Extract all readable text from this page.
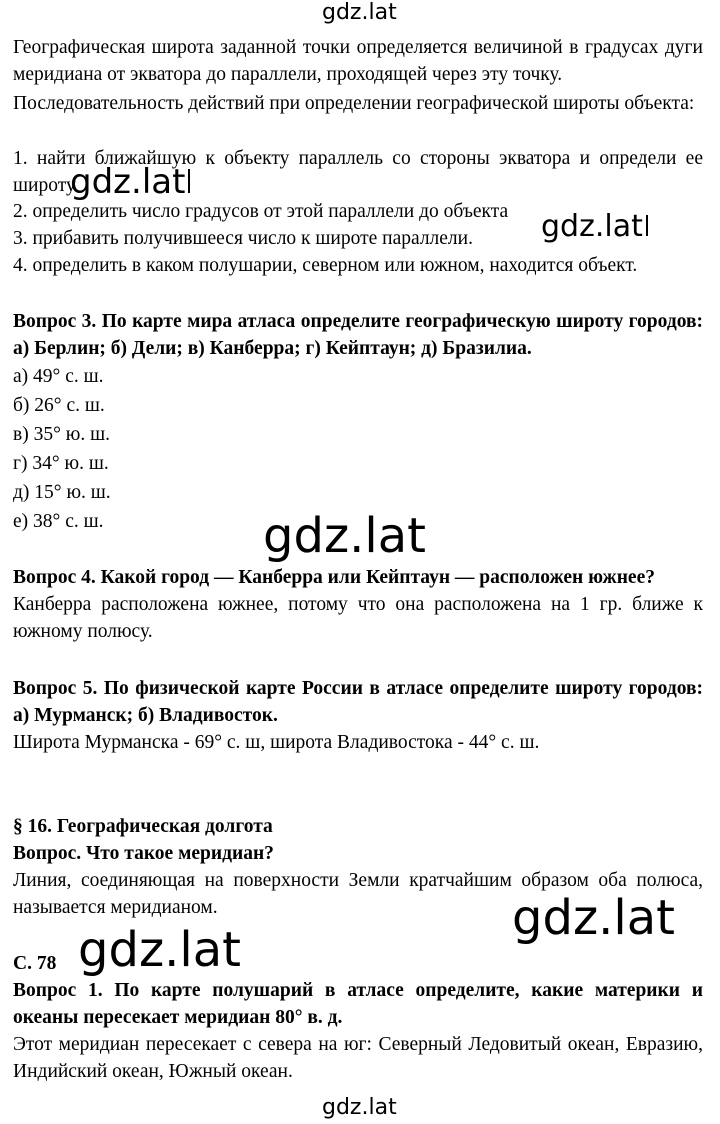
gdz.lat

Географическая широта заданной точки определяется величиной в градусах дуги меридиана от экватора до параллели, проходящей через эту точку.

Последовательность действий при определении географической широты объекта:

1. найти ближайшую к объекту параллель со стороны экватора и определи ее широту

2. определить число градусов от этой параллели до объекта

3. прибавить получившееся число к широте параллели.

4. определить в каком полушарии, северном или южном, находится объект.

gdz.lat
gdz.lat

Вопрос 3. По карте мира атласа определите географическую широту городов: а) Берлин; б) Дели; в) Канберра; г) Кейптаун; д) Бразилиа.

а) 49° с. ш.
б) 26° с. ш.
в) 35° ю. ш.
г) 34° ю. ш.
д) 15° ю. ш.
е) 38° с. ш.	gdz.lat

Вопрос 4. Какой город — Канберра или Кейптаун — расположен южнее?

Канберра расположена южнее, потому что она расположена на 1 гр. ближе к южному полюсу.

Вопрос 5. По физической карте России в атласе определите широту городов: а) Мурманск; б) Владивосток.

Широта Мурманска - 69° с. ш, широта Владивостока - 44° с. ш.

§ 16. Географическая долгота

Вопрос. Что такое меридиан?

Линия, соединяющая на поверхности Земли кратчайшим образом оба полюса, называется меридианом.	gdz.lat
gdz.lat

С. 78

Вопрос 1. По карте полушарий в атласе определите, какие материки и океаны пересекает меридиан 80° в. д.

Этот меридиан пересекает с севера на юг: Северный Ледовитый океан, Евразию, Индийский океан, Южный океан.

gdz.lat
